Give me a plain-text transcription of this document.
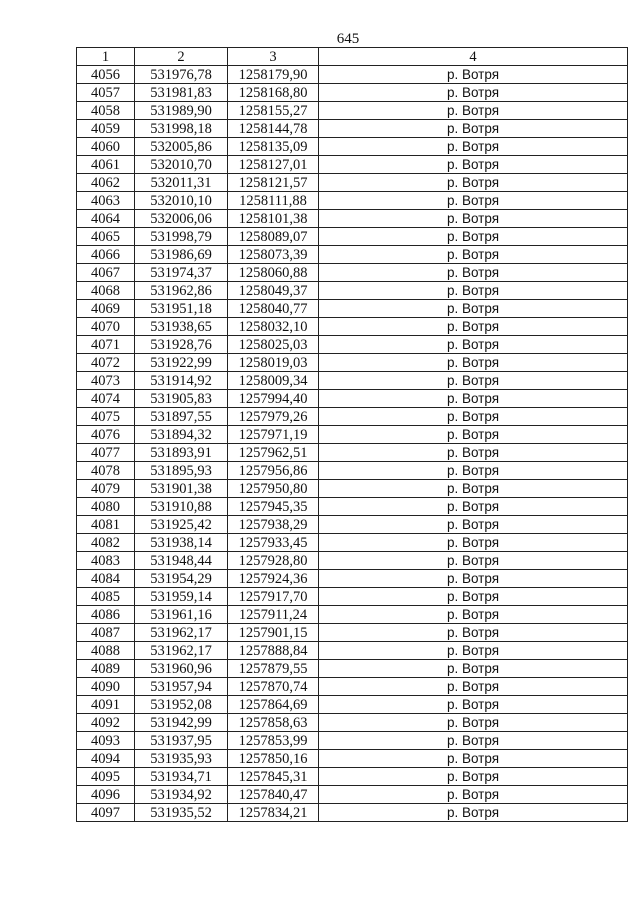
645
1	2	3	4
4056	531976,78	1258179,90	р. Вотря
4057	531981,83	1258168,80	р. Вотря
4058	531989,90	1258155,27	р. Вотря
4059	531998,18	1258144,78	р. Вотря
4060	532005,86	1258135,09	р. Вотря
4061	532010,70	1258127,01	р. Вотря
4062	532011,31	1258121,57	р. Вотря
4063	532010,10	1258111,88	р. Вотря
4064	532006,06	1258101,38	р. Вотря
4065	531998,79	1258089,07	р. Вотря
4066	531986,69	1258073,39	р. Вотря
4067	531974,37	1258060,88	р. Вотря
4068	531962,86	1258049,37	р. Вотря
4069	531951,18	1258040,77	р. Вотря
4070	531938,65	1258032,10	р. Вотря
4071	531928,76	1258025,03	р. Вотря
4072	531922,99	1258019,03	р. Вотря
4073	531914,92	1258009,34	р. Вотря
4074	531905,83	1257994,40	р. Вотря
4075	531897,55	1257979,26	р. Вотря
4076	531894,32	1257971,19	р. Вотря
4077	531893,91	1257962,51	р. Вотря
4078	531895,93	1257956,86	р. Вотря
4079	531901,38	1257950,80	р. Вотря
4080	531910,88	1257945,35	р. Вотря
4081	531925,42	1257938,29	р. Вотря
4082	531938,14	1257933,45	р. Вотря
4083	531948,44	1257928,80	р. Вотря
4084	531954,29	1257924,36	р. Вотря
4085	531959,14	1257917,70	р. Вотря
4086	531961,16	1257911,24	р. Вотря
4087	531962,17	1257901,15	р. Вотря
4088	531962,17	1257888,84	р. Вотря
4089	531960,96	1257879,55	р. Вотря
4090	531957,94	1257870,74	р. Вотря
4091	531952,08	1257864,69	р. Вотря
4092	531942,99	1257858,63	р. Вотря
4093	531937,95	1257853,99	р. Вотря
4094	531935,93	1257850,16	р. Вотря
4095	531934,71	1257845,31	р. Вотря
4096	531934,92	1257840,47	р. Вотря
4097	531935,52	1257834,21	р. Вотря
